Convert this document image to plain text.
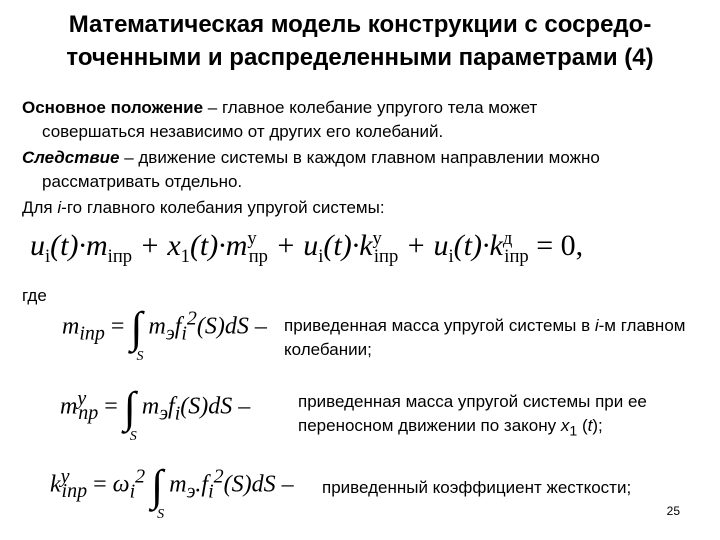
Математическая модель конструкции с сосредо-точенными и распределенными параметрами (4)
Основное положение – главное колебание упругого тела может
совершаться независимо от других его колебаний.
Следствие – движение системы в каждом главном направлении можно
рассматривать отдельно.
Для i-го главного колебания упругой системы:
$u_i(t)\cdot m_{iпр} + x_1(t)\cdot m^у_{пр} + u_i(t)\cdot k^у_{iпр} + u_i(t)\cdot k^д_{iпр} = 0$,
где
$m_{iпр}$ = ∫
S
$m_эf_i^2(S)dS$ – приведенная масса упругой системы в i-м главном колебании;
$m^у_{пр}$ = ∫
S
$m_эf_i(S)dS$ –	приведенная масса упругой системы при ее переносном движении по закону $x_1$ (t);
$k^у_{iпр} = \omega_i^2$ ∫
S
$m_э.f_i^2(S)dS$ – приведенный коэффициент жесткости;
25
